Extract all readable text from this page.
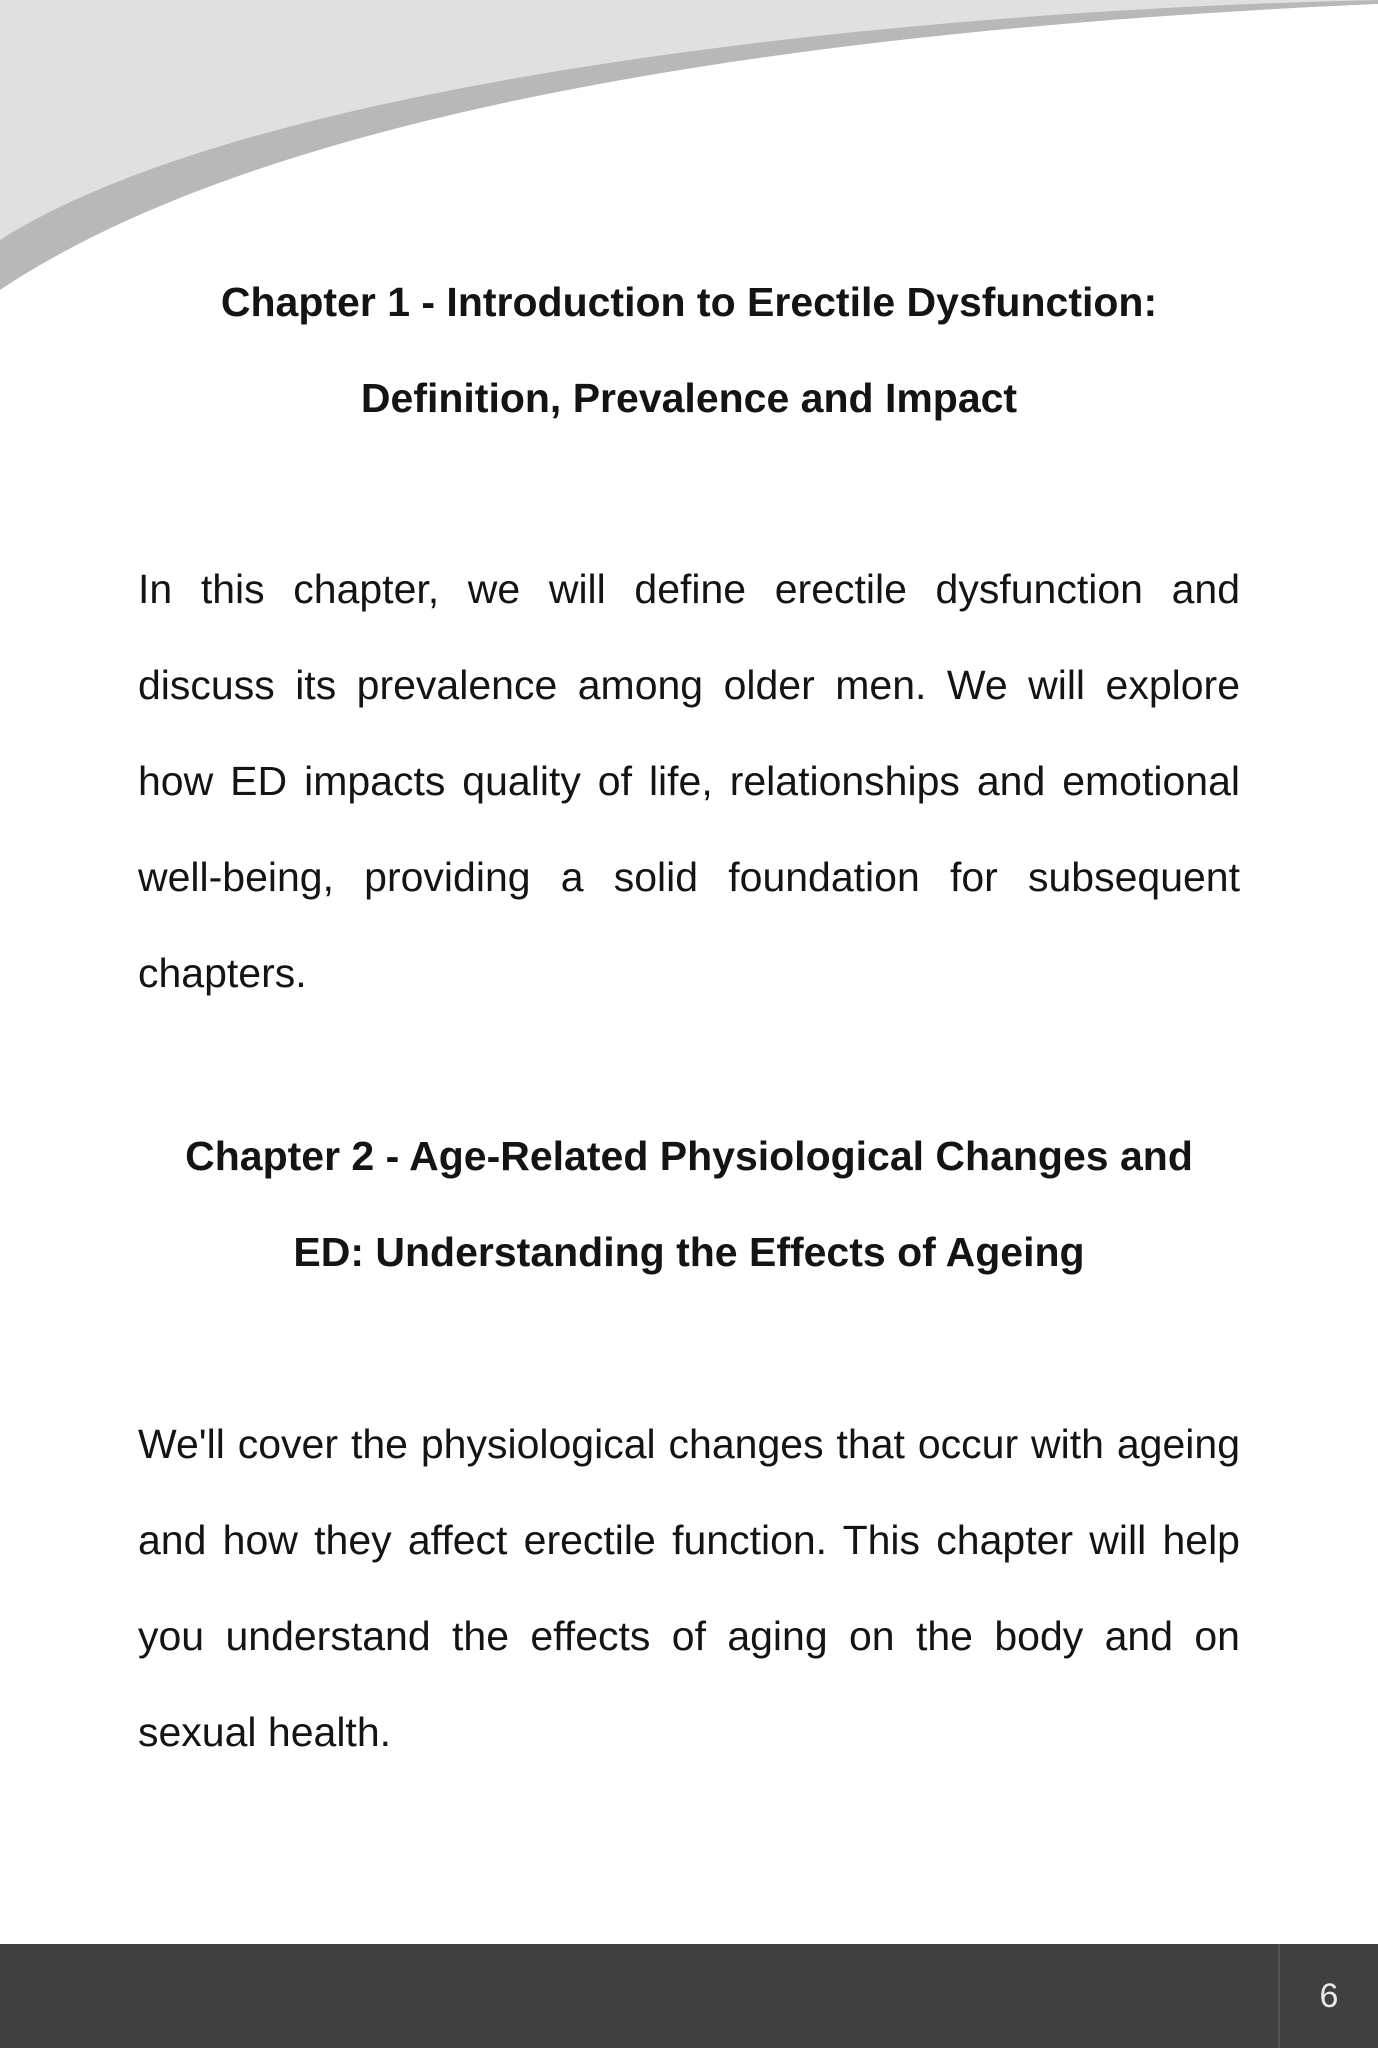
Chapter 1 - Introduction to Erectile Dysfunction:
Definition, Prevalence and Impact

In this chapter, we will define erectile dysfunction and discuss its prevalence among older men. We will explore how ED impacts quality of life, relationships and emotional well-being, providing a solid foundation for subsequent chapters.

Chapter 2 - Age-Related Physiological Changes and
ED: Understanding the Effects of Ageing

We'll cover the physiological changes that occur with ageing and how they affect erectile function. This chapter will help you understand the effects of aging on the body and on sexual health.

6
